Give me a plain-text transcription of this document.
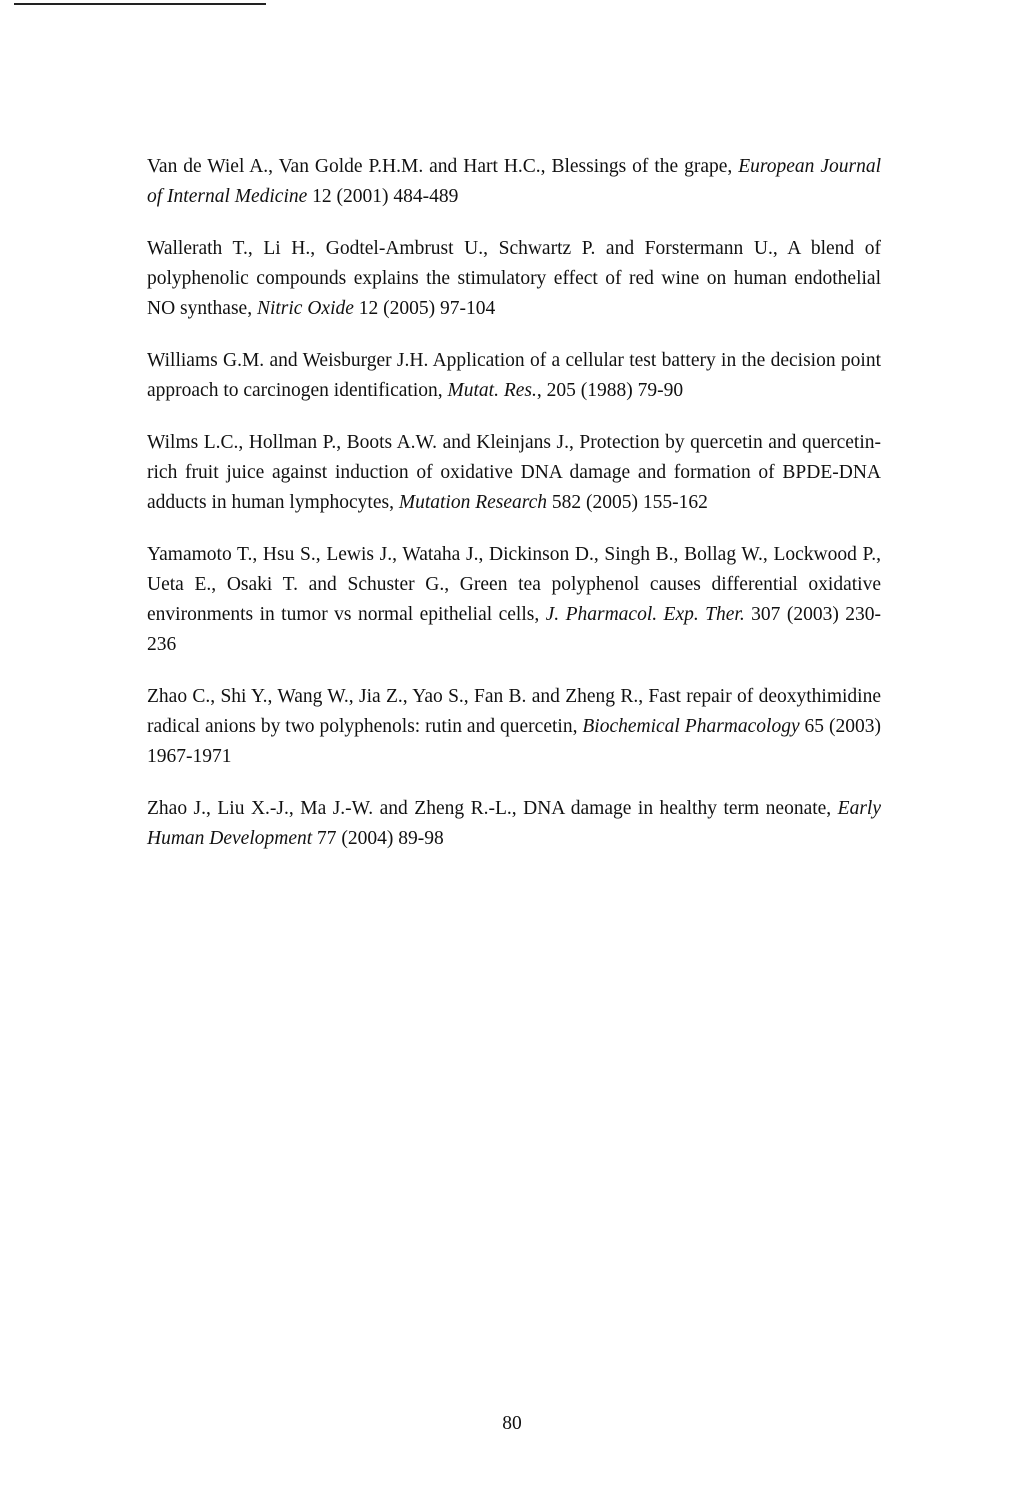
Van de Wiel A., Van Golde P.H.M. and Hart H.C., Blessings of the grape, European Journal of Internal Medicine 12 (2001) 484-489

Wallerath T., Li H., Godtel-Ambrust U., Schwartz P. and Forstermann U., A blend of polyphenolic compounds explains the stimulatory effect of red wine on human endothelial NO synthase, Nitric Oxide 12 (2005) 97-104

Williams G.M. and Weisburger J.H. Application of a cellular test battery in the decision point approach to carcinogen identification, Mutat. Res., 205 (1988) 79-90

Wilms L.C., Hollman P., Boots A.W. and Kleinjans J., Protection by quercetin and quercetin-rich fruit juice against induction of oxidative DNA damage and formation of BPDE-DNA adducts in human lymphocytes, Mutation Research 582 (2005) 155-162

Yamamoto T., Hsu S., Lewis J., Wataha J., Dickinson D., Singh B., Bollag W., Lockwood P., Ueta E., Osaki T. and Schuster G., Green tea polyphenol causes differential oxidative environments in tumor vs normal epithelial cells, J. Pharmacol. Exp. Ther. 307 (2003) 230-236

Zhao C., Shi Y., Wang W., Jia Z., Yao S., Fan B. and Zheng R., Fast repair of deoxythimidine radical anions by two polyphenols: rutin and quercetin, Biochemical Pharmacology 65 (2003) 1967-1971

Zhao J., Liu X.-J., Ma J.-W. and Zheng R.-L., DNA damage in healthy term neonate, Early Human Development 77 (2004) 89-98

80
